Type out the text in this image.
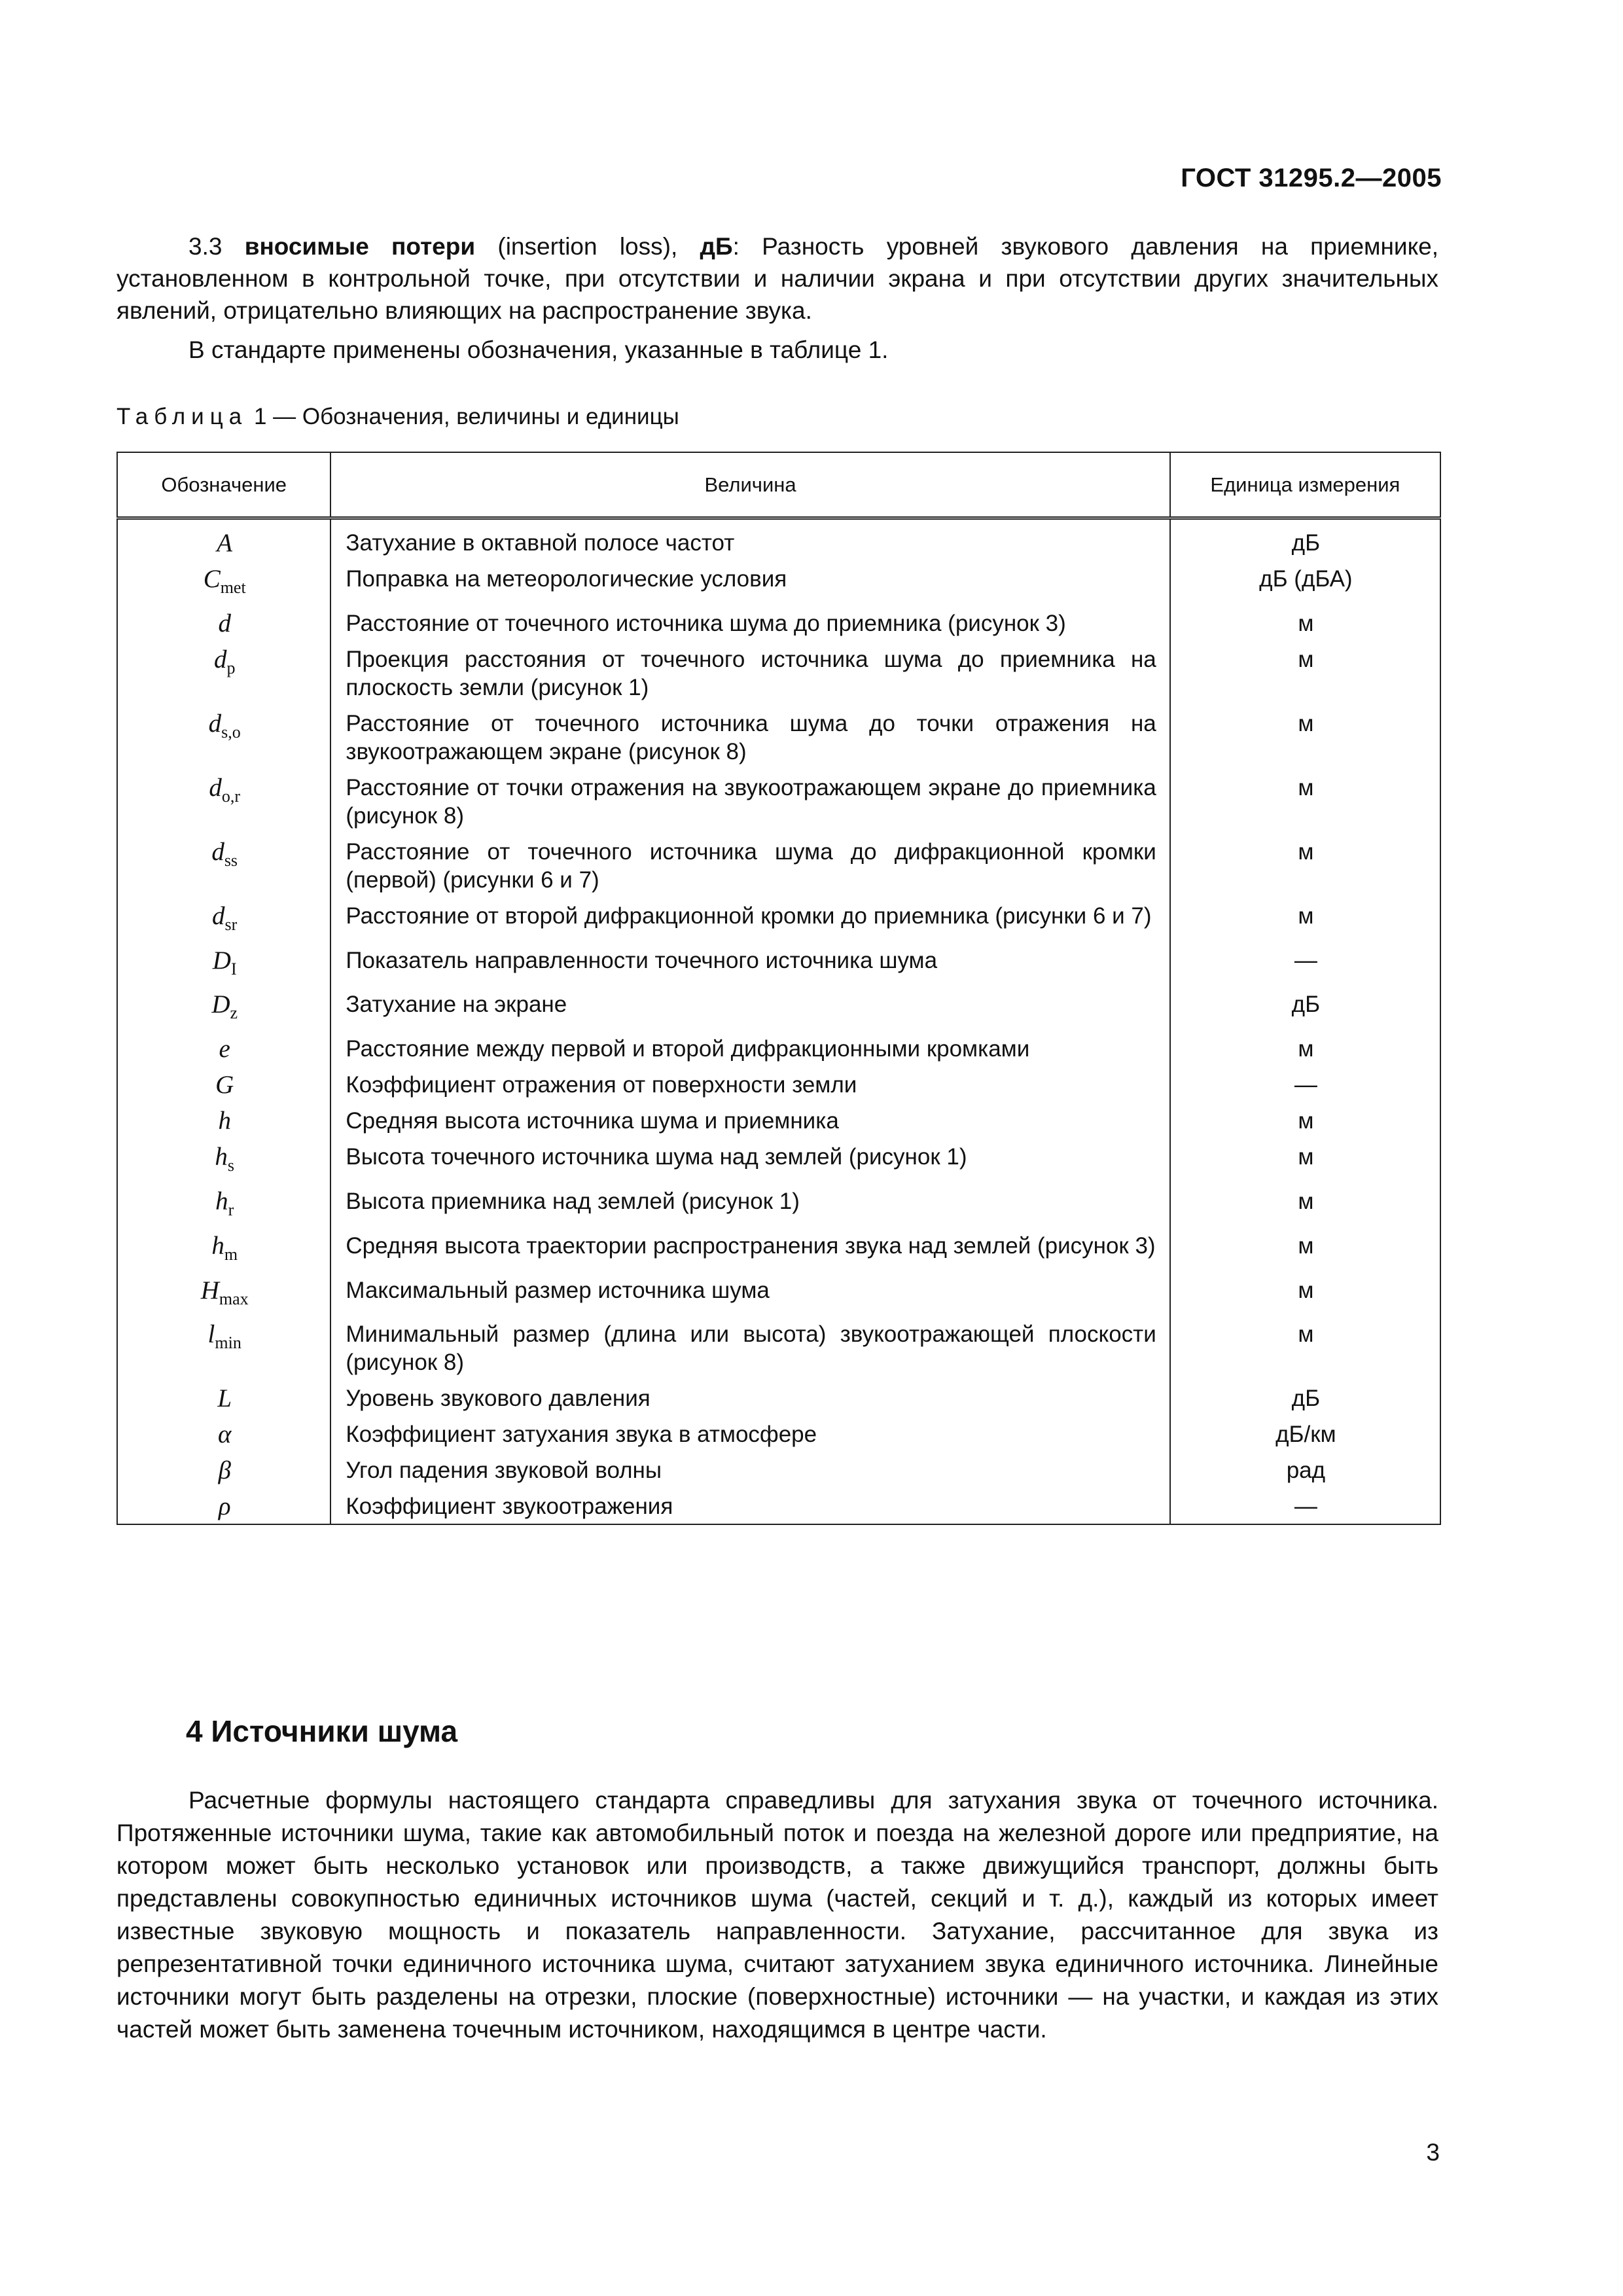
ГОСТ 31295.2—2005

3.3 вносимые потери (insertion loss), дБ: Разность уровней звукового давления на приемнике, установленном в контрольной точке, при отсутствии и наличии экрана и при отсутствии других значительных явлений, отрицательно влияющих на распространение звука.

В стандарте применены обозначения, указанные в таблице 1.

Таблица 1 — Обозначения, величины и единицы
Обозначение	Величина	Единица измерения
A	Затухание в октавной полосе частот	дБ
$C_{met}$	Поправка на метеорологические условия	дБ (дБА)
d	Расстояние от точечного источника шума до приемника (рисунок 3)	м
$d_p$	Проекция расстояния от точечного источника шума до приемника на плоскость земли (рисунок 1)	м
$d_{s,o}$	Расстояние от точечного источника шума до точки отражения на звукоотражающем экране (рисунок 8)	м
$d_{o,r}$	Расстояние от точки отражения на звукоотражающем экране до приемника (рисунок 8)	м
$d_{ss}$	Расстояние от точечного источника шума до дифракционной кромки (первой) (рисунки 6 и 7)	м
$d_{sr}$	Расстояние от второй дифракционной кромки до приемника (рисунки 6 и 7)	м
$D_I$	Показатель направленности точечного источника шума	—
$D_z$	Затухание на экране	дБ
e	Расстояние между первой и второй дифракционными кромками	м
G	Коэффициент отражения от поверхности земли	—
h	Средняя высота источника шума и приемника	м
$h_s$	Высота точечного источника шума над землей (рисунок 1)	м
$h_r$	Высота приемника над землей (рисунок 1)	м
$h_m$	Средняя высота траектории распространения звука над землей (рисунок 3)	м
$H_{max}$	Максимальный размер источника шума	м
$l_{min}$	Минимальный размер (длина или высота) звукоотражающей плоскости (рисунок 8)	м
L	Уровень звукового давления	дБ
α	Коэффициент затухания звука в атмосфере	дБ/км
β	Угол падения звуковой волны	рад
ρ	Коэффициент звукоотражения	—
4 Источники шума

Расчетные формулы настоящего стандарта справедливы для затухания звука от точечного источника. Протяженные источники шума, такие как автомобильный поток и поезда на железной дороге или предприятие, на котором может быть несколько установок или производств, а также движущийся транспорт, должны быть представлены совокупностью единичных источников шума (частей, секций и т. д.), каждый из которых имеет известные звуковую мощность и показатель направленности. Затухание, рассчитанное для звука из репрезентативной точки единичного источника шума, считают затуханием звука единичного источника. Линейные источники могут быть разделены на отрезки, плоские (поверхностные) источники — на участки, и каждая из этих частей может быть заменена точечным источником, находящимся в центре части.

3
